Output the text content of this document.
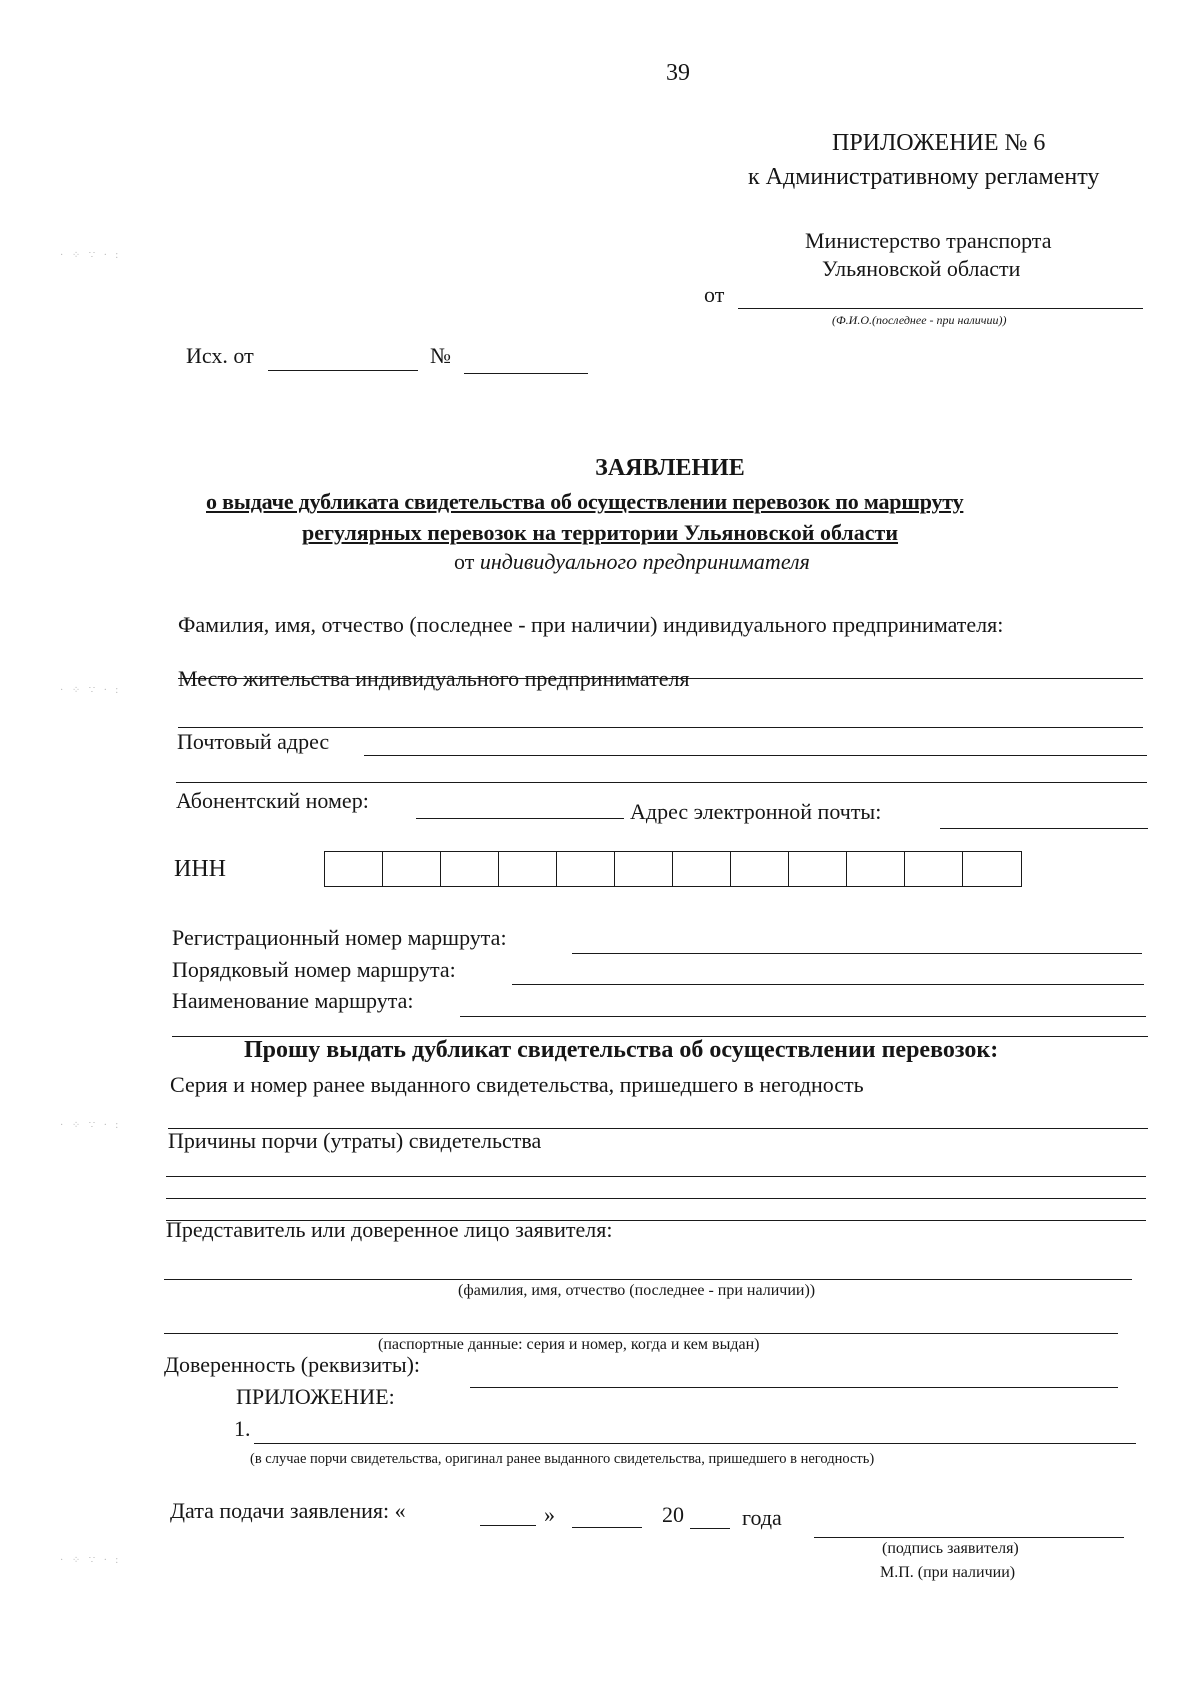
39
ПРИЛОЖЕНИЕ № 6
к Административному регламенту
Министерство транспорта
Ульяновской области
от
(Ф.И.О.(последнее - при наличии))
Исх. от	№
ЗАЯВЛЕНИЕ
о выдаче дубликата свидетельства об осуществлении перевозок по маршруту
регулярных перевозок на территории Ульяновской области
от индивидуального предпринимателя
Фамилия, имя, отчество (последнее - при наличии) индивидуального предпринимателя:
Место жительства индивидуального предпринимателя
Почтовый адрес
Абонентский номер:	Адрес электронной почты:
ИНН
Регистрационный номер маршрута:
Порядковый номер маршрута:
Наименование маршрута:
Прошу выдать дубликат свидетельства об осуществлении перевозок:
Серия и номер ранее выданного свидетельства, пришедшего в негодность
Причины порчи (утраты) свидетельства
Представитель или доверенное лицо заявителя:
(фамилия, имя, отчество (последнее - при наличии))
(паспортные данные: серия и номер, когда и кем выдан)
Доверенность (реквизиты):
ПРИЛОЖЕНИЕ:
1.
(в случае порчи свидетельства, оригинал ранее выданного свидетельства, пришедшего в негодность)
Дата подачи заявления: «	»	20	года
(подпись заявителя)
М.П. (при наличии)
· ⁘ ∵ · :
· ⁘ ∵ · :
· ⁘ ∵ · :
· ⁘ ∵ · :
